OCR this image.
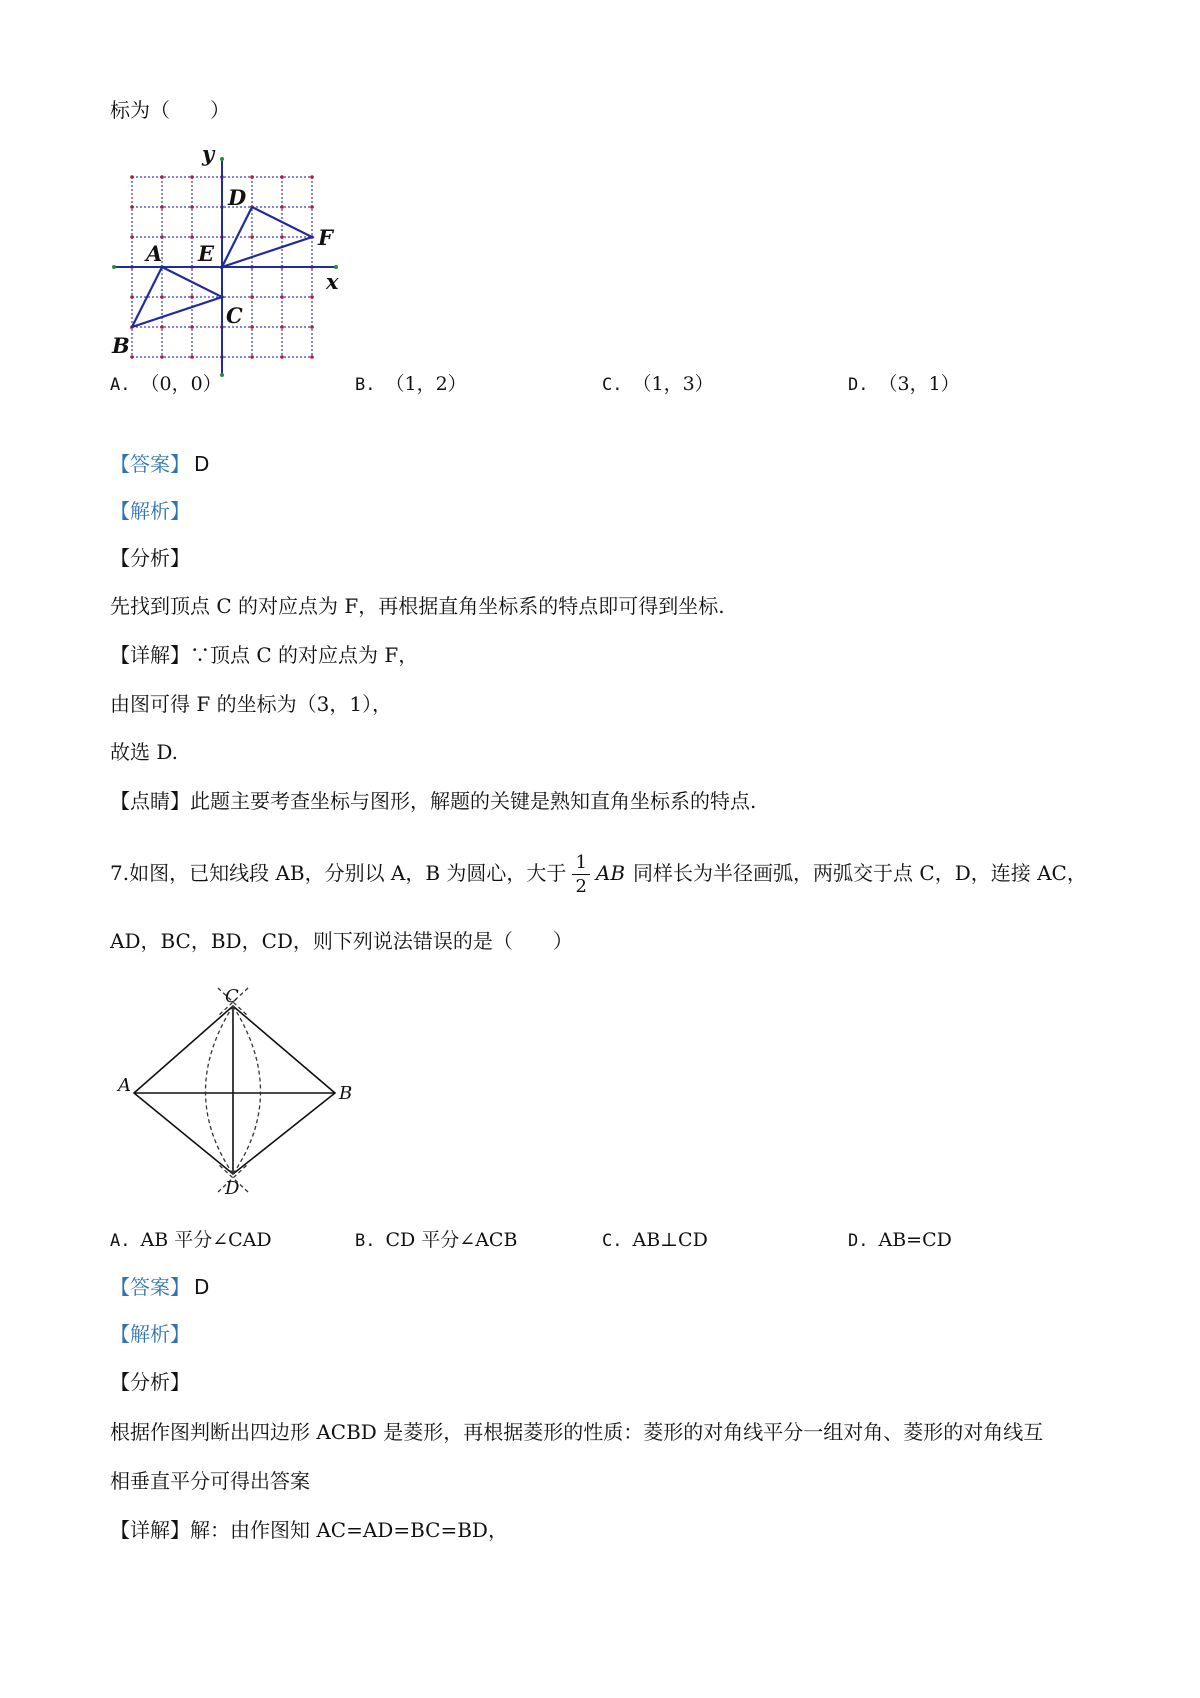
标为（　　）
A
B
C
D
E
F
x
y
A. （0，0）	B. （1，2）	C. （1，3）	D. （3，1）
【答案】 D
【解析】
【分析】
先找到顶点 C 的对应点为 F，再根据直角坐标系的特点即可得到坐标.
【详解】∵顶点 C 的对应点为 F，
由图可得 F 的坐标为（3，1），
故选 D.
【点睛】此题主要考查坐标与图形，解题的关键是熟知直角坐标系的特点.
7.如图，已知线段 AB，分别以 A，B 为圆心，大于 $\frac{1}{2}$ AB 同样长为半径画弧，两弧交于点 C，D，连接 AC，
AD，BC，BD，CD，则下列说法错误的是（　　）
A	B
C
D
A. AB 平分∠CAD	B. CD 平分∠ACB	C. AB⊥CD	D. AB=CD
【答案】 D
【解析】
【分析】
根据作图判断出四边形 ACBD 是菱形，再根据菱形的性质：菱形的对角线平分一组对角、菱形的对角线互
相垂直平分可得出答案
【详解】解：由作图知 AC=AD=BC=BD，
